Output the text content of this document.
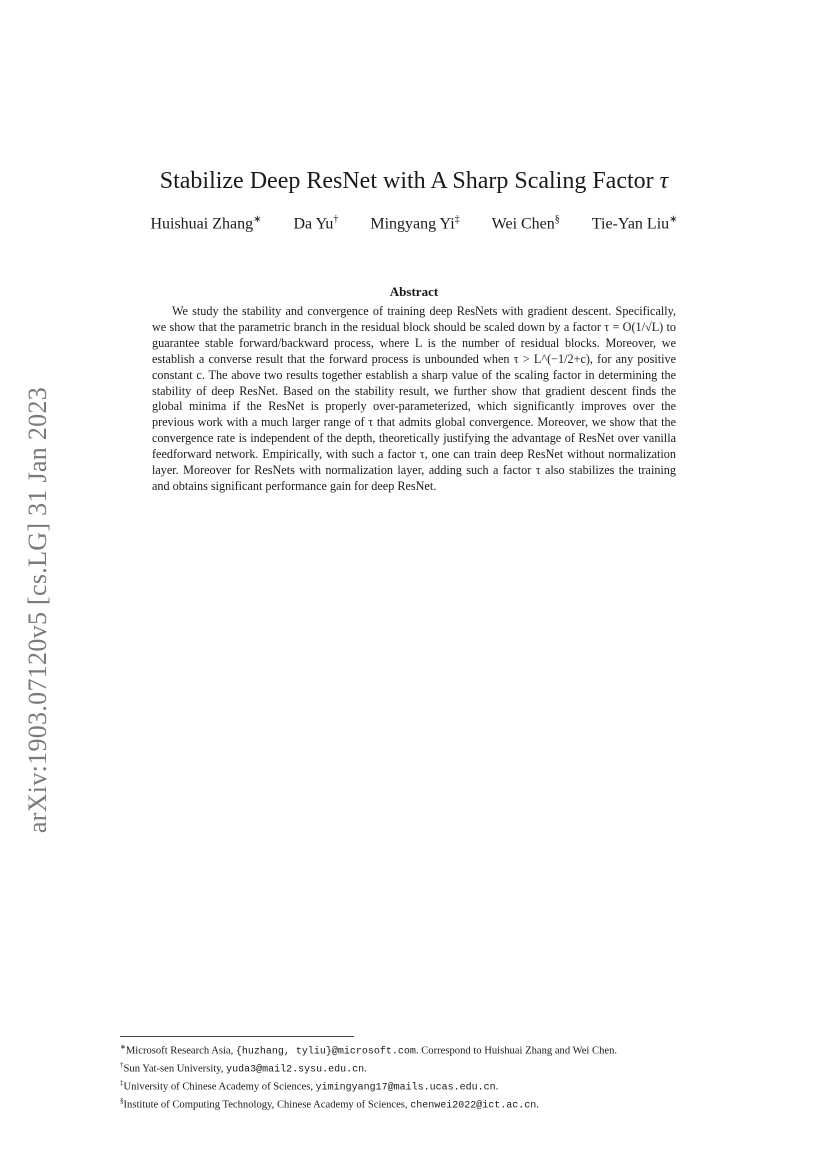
arXiv:1903.07120v5 [cs.LG] 31 Jan 2023
Stabilize Deep ResNet with A Sharp Scaling Factor τ
Huishuai Zhang∗ Da Yu† Mingyang Yi‡ Wei Chen§ Tie-Yan Liu∗
Abstract

We study the stability and convergence of training deep ResNets with gradient descent. Specifically, we show that the parametric branch in the residual block should be scaled down by a factor τ = O(1/√L) to guarantee stable forward/backward process, where L is the number of residual blocks. Moreover, we establish a converse result that the forward process is unbounded when τ > L^(−1/2+c), for any positive constant c. The above two results together establish a sharp value of the scaling factor in determining the stability of deep ResNet. Based on the stability result, we further show that gradient descent finds the global minima if the ResNet is properly over-parameterized, which significantly improves over the previous work with a much larger range of τ that admits global convergence. Moreover, we show that the convergence rate is independent of the depth, theoretically justifying the advantage of ResNet over vanilla feedforward network. Empirically, with such a factor τ, one can train deep ResNet without normalization layer. Moreover for ResNets with normalization layer, adding such a factor τ also stabilizes the training and obtains significant performance gain for deep ResNet.

∗Microsoft Research Asia, {huzhang, tyliu}@microsoft.com. Correspond to Huishuai Zhang and Wei Chen.
†Sun Yat-sen University, yuda3@mail2.sysu.edu.cn.
‡University of Chinese Academy of Sciences, yimingyang17@mails.ucas.edu.cn.
§Institute of Computing Technology, Chinese Academy of Sciences, chenwei2022@ict.ac.cn.
